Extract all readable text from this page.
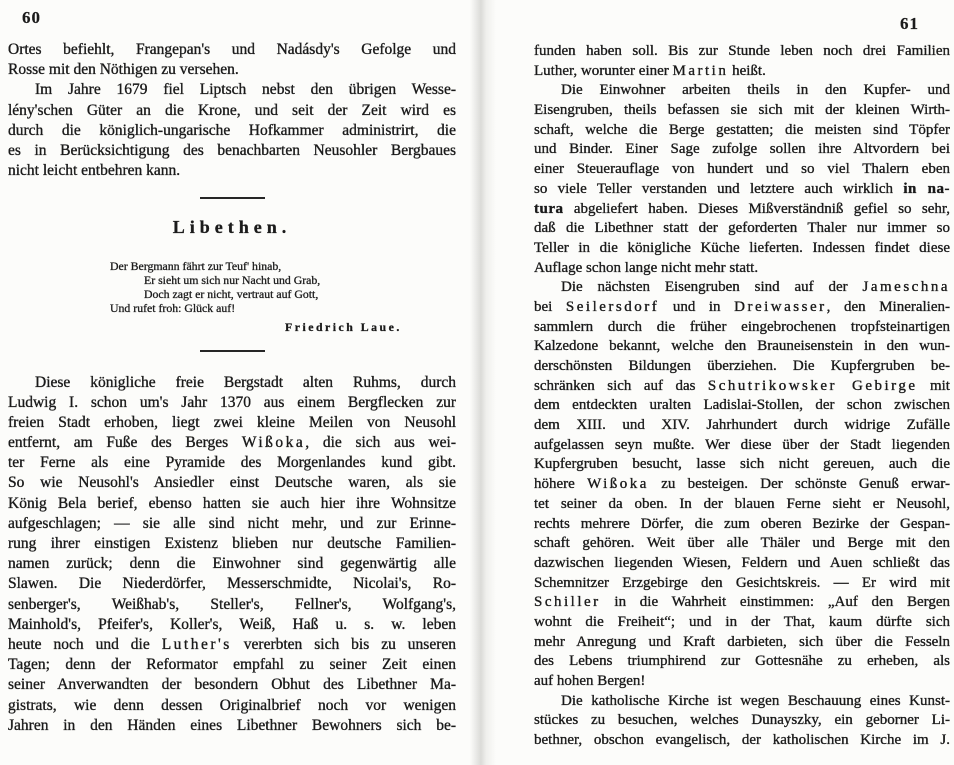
60
Ortes befiehlt, Frangepan's und Nadásdy's Gefolge und
Rosse mit den Nöthigen zu versehen.
Im Jahre 1679 fiel Liptsch nebst den übrigen Wesse-
lény'schen Güter an die Krone, und seit der Zeit wird es
durch die königlich-ungarische Hofkammer administrirt, die
es in Berücksichtigung des benachbarten Neusohler Bergbaues
nicht leicht entbehren kann.
Libethen.
Der Bergmann fährt zur Teuf' hinab,
Er sieht um sich nur Nacht und Grab,
Doch zagt er nicht, vertraut auf Gott,
Und rufet froh: Glück auf!
Friedrich Laue.
Diese königliche freie Bergstadt alten Ruhms, durch
Ludwig I. schon um's Jahr 1370 aus einem Bergflecken zur
freien Stadt erhoben, liegt zwei kleine Meilen von Neusohl
entfernt, am Fuße des Berges Wißoka, die sich aus wei-
ter Ferne als eine Pyramide des Morgenlandes kund gibt.
So wie Neusohl's Ansiedler einst Deutsche waren, als sie
König Bela berief, ebenso hatten sie auch hier ihre Wohnsitze
aufgeschlagen; — sie alle sind nicht mehr, und zur Erinne-
rung ihrer einstigen Existenz blieben nur deutsche Familien-
namen zurück; denn die Einwohner sind gegenwärtig alle
Slawen. Die Niederdörfer, Messerschmidte, Nicolai's, Ro-
senberger's, Weißhab's, Steller's, Fellner's, Wolfgang's,
Mainhold's, Pfeifer's, Koller's, Weiß, Haß u. s. w. leben
heute noch und die Luther's vererbten sich bis zu unseren
Tagen; denn der Reformator empfahl zu seiner Zeit einen
seiner Anverwandten der besondern Obhut des Libethner Ma-
gistrats, wie denn dessen Originalbrief noch vor wenigen
Jahren in den Händen eines Libethner Bewohners sich be-
61
funden haben soll. Bis zur Stunde leben noch drei Familien
Luther, worunter einer Martin heißt.
Die Einwohner arbeiten theils in den Kupfer- und
Eisengruben, theils befassen sie sich mit der kleinen Wirth-
schaft, welche die Berge gestatten; die meisten sind Töpfer
und Binder. Einer Sage zufolge sollen ihre Altvordern bei
einer Steuerauflage von hundert und so viel Thalern eben
so viele Teller verstanden und letztere auch wirklich in na-
tura abgeliefert haben. Dieses Mißverständniß gefiel so sehr,
daß die Libethner statt der geforderten Thaler nur immer so
Teller in die königliche Küche lieferten. Indessen findet diese
Auflage schon lange nicht mehr statt.
Die nächsten Eisengruben sind auf der Jameschna
bei Seilersdorf und in Dreiwasser, den Mineralien-
sammlern durch die früher eingebrochenen tropfsteinartigen
Kalzedone bekannt, welche den Brauneisenstein in den wun-
derschönsten Bildungen überziehen. Die Kupfergruben be-
schränken sich auf das Schutrikowsker Gebirge mit
dem entdeckten uralten Ladislai-Stollen, der schon zwischen
dem XIII. und XIV. Jahrhundert durch widrige Zufälle
aufgelassen seyn mußte. Wer diese über der Stadt liegenden
Kupfergruben besucht, lasse sich nicht gereuen, auch die
höhere Wißoka zu besteigen. Der schönste Genuß erwar-
tet seiner da oben. In der blauen Ferne sieht er Neusohl,
rechts mehrere Dörfer, die zum oberen Bezirke der Gespan-
schaft gehören. Weit über alle Thäler und Berge mit den
dazwischen liegenden Wiesen, Feldern und Auen schließt das
Schemnitzer Erzgebirge den Gesichtskreis. — Er wird mit
Schiller in die Wahrheit einstimmen: „Auf den Bergen
wohnt die Freiheit“; und in der That, kaum dürfte sich
mehr Anregung und Kraft darbieten, sich über die Fesseln
des Lebens triumphirend zur Gottesnähe zu erheben, als
auf hohen Bergen!
Die katholische Kirche ist wegen Beschauung eines Kunst-
stückes zu besuchen, welches Dunayszky, ein geborner Li-
bethner, obschon evangelisch, der katholischen Kirche im J.
